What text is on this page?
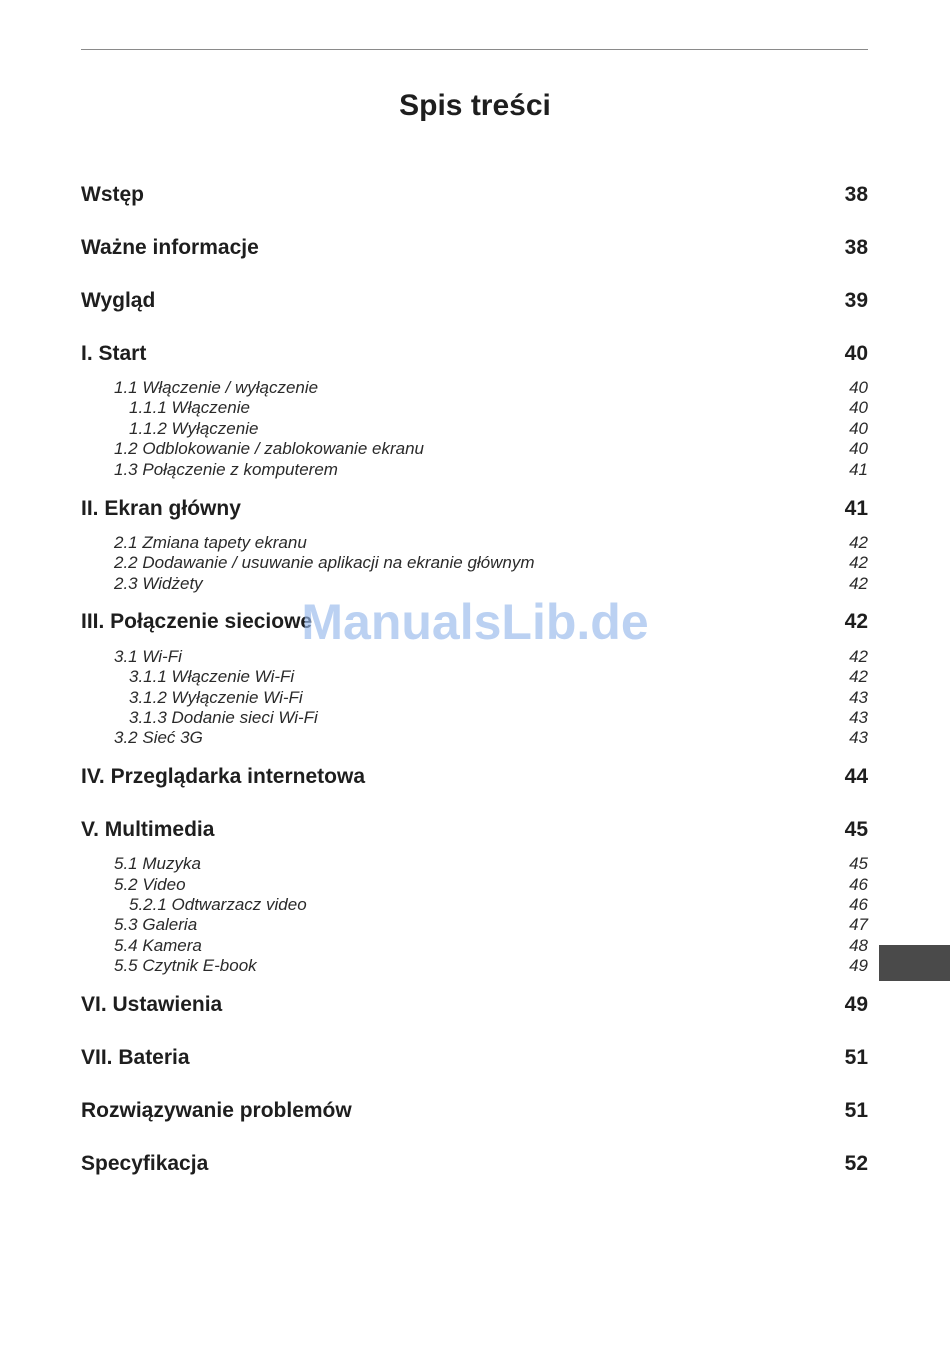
Spis treści
Wstęp	38
Ważne informacje	38
Wygląd	39
I. Start	40
1.1 Włączenie / wyłączenie	40
1.1.1 Włączenie	40
1.1.2 Wyłączenie	40
1.2 Odblokowanie / zablokowanie ekranu	40
1.3 Połączenie z komputerem	41
II. Ekran główny	41
2.1 Zmiana tapety ekranu	42
2.2 Dodawanie / usuwanie aplikacji na ekranie głównym	42
2.3 Widżety	42
III. Połączenie sieciowe	42
3.1 Wi-Fi	42
3.1.1 Włączenie Wi-Fi	42
3.1.2 Wyłączenie Wi-Fi	43
3.1.3 Dodanie sieci Wi-Fi	43
3.2 Sieć 3G	43
IV. Przeglądarka internetowa	44
V. Multimedia	45
5.1 Muzyka	45
5.2 Video	46
5.2.1 Odtwarzacz video	46
5.3 Galeria	47
5.4 Kamera	48
5.5 Czytnik E-book	49
VI. Ustawienia	49
VII. Bateria	51
Rozwiązywanie problemów	51
Specyfikacja	52
ManualsLib.de
